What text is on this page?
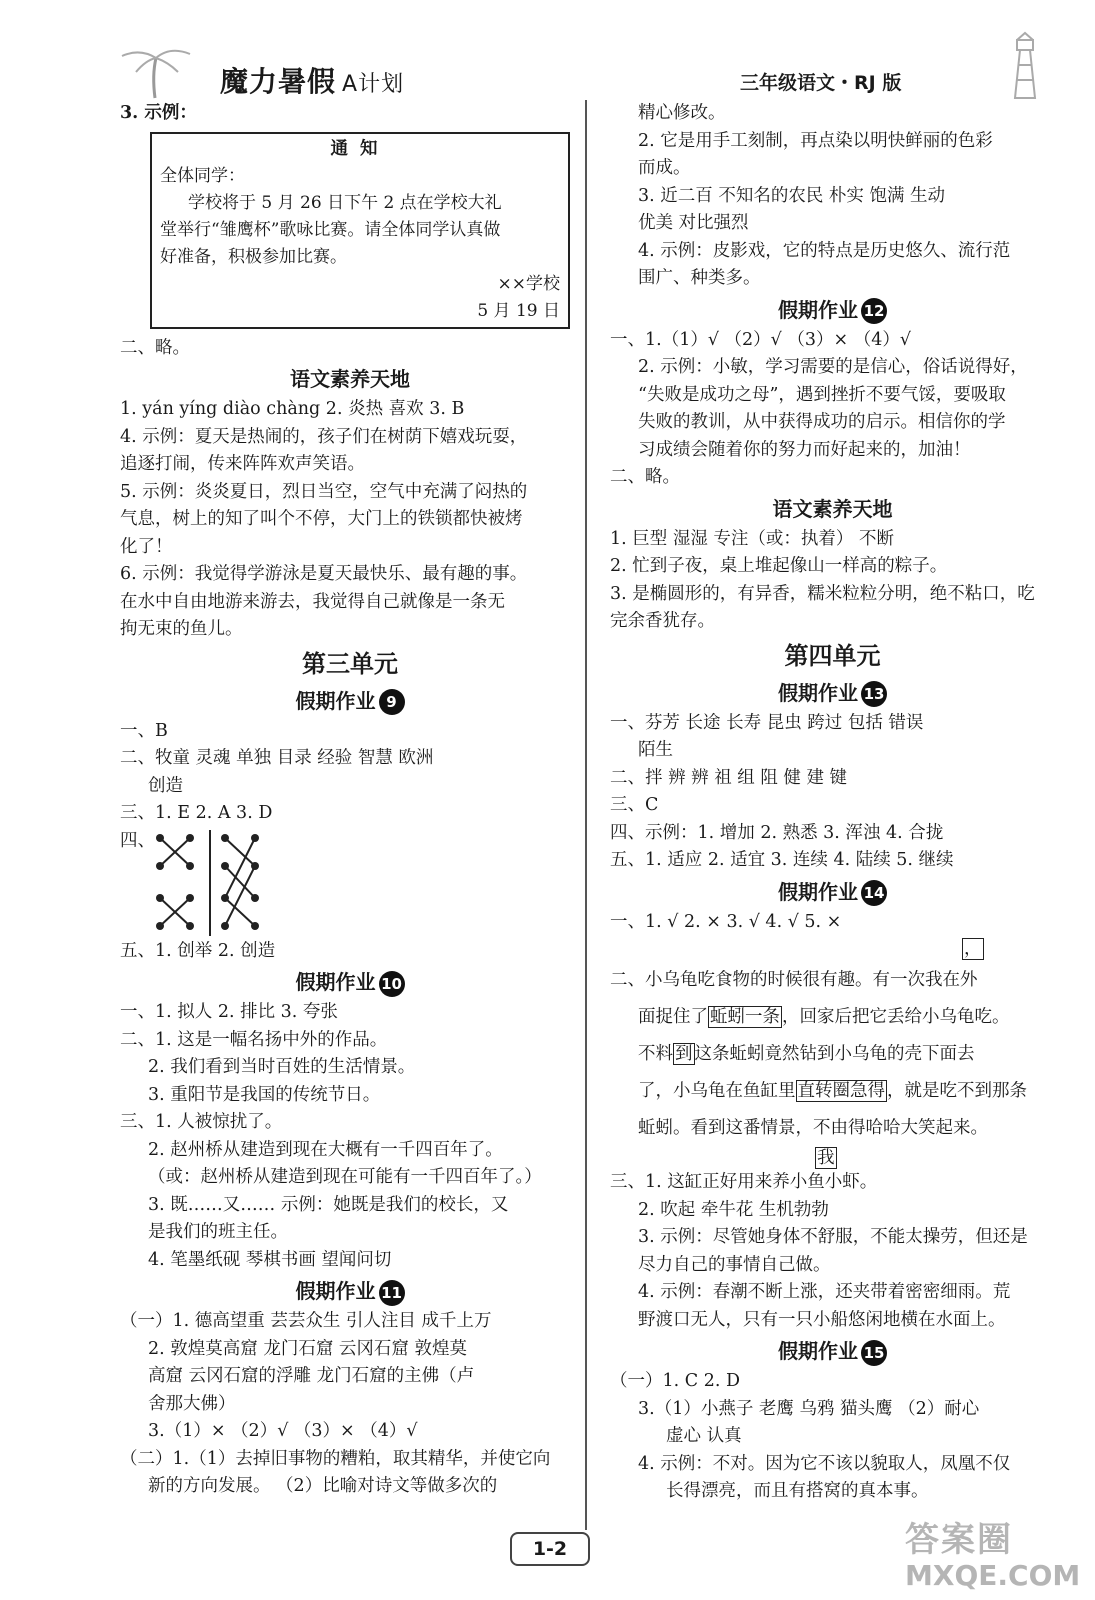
魔力暑假 A计划	三年级语文・RJ 版
3. 示例：
通知
全体同学：
学校将于 5 月 26 日下午 2 点在学校大礼
堂举行“雏鹰杯”歌咏比赛。请全体同学认真做
好准备，积极参加比赛。
××学校
5 月 19 日
二、略。
语文素养天地
1. yán yíng diào chàng 2. 炎热 喜欢 3. B
4. 示例：夏天是热闹的，孩子们在树荫下嬉戏玩耍，
追逐打闹，传来阵阵欢声笑语。
5. 示例：炎炎夏日，烈日当空，空气中充满了闷热的
气息，树上的知了叫个不停，大门上的铁锁都快被烤
化了！
6. 示例：我觉得学游泳是夏天最快乐、最有趣的事。
在水中自由地游来游去，我觉得自己就像是一条无
拘无束的鱼儿。
第三单元
假期作业 9
一、B
二、牧童 灵魂 单独 目录 经验 智慧 欧洲
创造
三、1. E 2. A 3. D
四、
五、1. 创举 2. 创造
假期作业 10
一、1. 拟人 2. 排比 3. 夸张
二、1. 这是一幅名扬中外的作品。
2. 我们看到当时百姓的生活情景。
3. 重阳节是我国的传统节日。
三、1. 人被惊扰了。
2. 赵州桥从建造到现在大概有一千四百年了。
（或：赵州桥从建造到现在可能有一千四百年了。）
3. 既……又…… 示例：她既是我们的校长，又
是我们的班主任。
4. 笔墨纸砚 琴棋书画 望闻问切
假期作业 11
（一）1. 德高望重 芸芸众生 引人注目 成千上万
2. 敦煌莫高窟 龙门石窟 云冈石窟 敦煌莫
高窟 云冈石窟的浮雕 龙门石窟的主佛（卢
舍那大佛）
3.（1）× （2）√ （3）× （4）√
（二）1.（1）去掉旧事物的糟粕，取其精华，并使它向
新的方向发展。 （2）比喻对诗文等做多次的
精心修改。
2. 它是用手工刻制，再点染以明快鲜丽的色彩
而成。
3. 近二百 不知名的农民 朴实 饱满 生动
优美 对比强烈
4. 示例：皮影戏，它的特点是历史悠久、流行范
围广、种类多。
假期作业 12
一、1.（1）√ （2）√ （3）× （4）√
2. 示例：小敏，学习需要的是信心，俗话说得好，
“失败是成功之母”，遇到挫折不要气馁，要吸取
失败的教训，从中获得成功的启示。相信你的学
习成绩会随着你的努力而好起来的，加油！
二、略。
语文素养天地
1. 巨型 湿湿 专注（或：执着） 不断
2. 忙到子夜，桌上堆起像山一样高的粽子。
3. 是椭圆形的，有异香，糯米粒粒分明，绝不粘口，吃
完余香犹存。
第四单元
假期作业 13
一、芬芳 长途 长寿 昆虫 跨过 包括 错误
陌生
二、拌 辨 辨 祖 组 阻 健 建 键
三、C
四、示例：1. 增加 2. 熟悉 3. 浑浊 4. 合拢
五、1. 适应 2. 适宜 3. 连续 4. 陆续 5. 继续
假期作业 14
一、1. √ 2. × 3. √ 4. √ 5. ×
，
二、小乌龟吃食物的时候很有趣。有一次我在外
面捉住了 蚯蚓一条 ，回家后把它丢给小乌龟吃。
不料 到 这条蚯蚓竟然钻到小乌龟的壳下面去
了，小乌龟在鱼缸里 直转圈急得 ，就是吃不到那条
蚯蚓。看到这番情景，不由得哈哈大笑起来。
我
三、1. 这缸正好用来养小鱼小虾。
2. 吹起 牵牛花 生机勃勃
3. 示例：尽管她身体不舒服，不能太操劳，但还是
尽力自己的事情自己做。
4. 示例：春潮不断上涨，还夹带着密密细雨。荒
野渡口无人，只有一只小船悠闲地横在水面上。
假期作业 15
（一）1. C 2. D
3.（1）小燕子 老鹰 乌鸦 猫头鹰 （2）耐心
虚心 认真
4. 示例：不对。因为它不该以貌取人，凤凰不仅
长得漂亮，而且有搭窝的真本事。
1-2	答案圈
MXQE.COM
